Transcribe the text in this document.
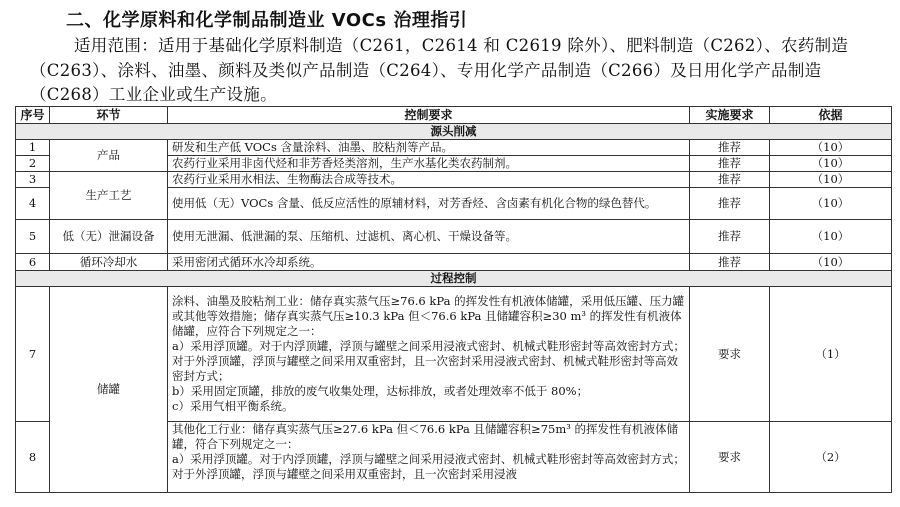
二、化学原料和化学制品制造业 VOCs 治理指引
适用范围：适用于基础化学原料制造（C261，C2614 和 C2619 除外）、肥料制造（C262）、农药制造（C263）、涂料、油墨、颜料及类似产品制造（C264）、专用化学产品制造（C266）及日用化学产品制造（C268）工业企业或生产设施。
序号	环节	控制要求	实施要求	依据
源头削减				
1	产品	研发和生产低 VOCs 含量涂料、油墨、胶粘剂等产品。	推荐	（10）
2		农药行业采用非卤代烃和非芳香烃类溶剂，生产水基化类农药制剂。	推荐	（10）
3	生产工艺	农药行业采用水相法、生物酶法合成等技术。	推荐	（10）
4		使用低（无）VOCs 含量、低反应活性的原辅材料，对芳香烃、含卤素有机化合物的绿色替代。	推荐	（10）
5	低（无）泄漏设备	使用无泄漏、低泄漏的泵、压缩机、过滤机、离心机、干燥设备等。	推荐	（10）
6	循环冷却水	采用密闭式循环水冷却系统。	推荐	（10）
过程控制				
7	储罐	涂料、油墨及胶粘剂工业：储存真实蒸气压≥76.6 kPa 的挥发性有机液体储罐，采用低压罐、压力罐或其他等效措施；储存真实蒸气压≥10.3 kPa 但＜76.6 kPa 且储罐容积≥30 m³ 的挥发性有机液体储罐，应符合下列规定之一：
a）采用浮顶罐。对于内浮顶罐，浮顶与罐壁之间采用浸液式密封、机械式鞋形密封等高效密封方式；对于外浮顶罐，浮顶与罐壁之间采用双重密封，且一次密封采用浸液式密封、机械式鞋形密封等高效密封方式；
b）采用固定顶罐，排放的废气收集处理，达标排放，或者处理效率不低于 80%；
c）采用气相平衡系统。	要求	（1）
8		其他化工行业：储存真实蒸气压≥27.6 kPa 但＜76.6 kPa 且储罐容积≥75m³ 的挥发性有机液体储罐，符合下列规定之一：
a）采用浮顶罐。对于内浮顶罐，浮顶与罐壁之间采用浸液式密封、机械式鞋形密封等高效密封方式；对于外浮顶罐，浮顶与罐壁之间采用双重密封，且一次密封采用浸液	要求	（2）
